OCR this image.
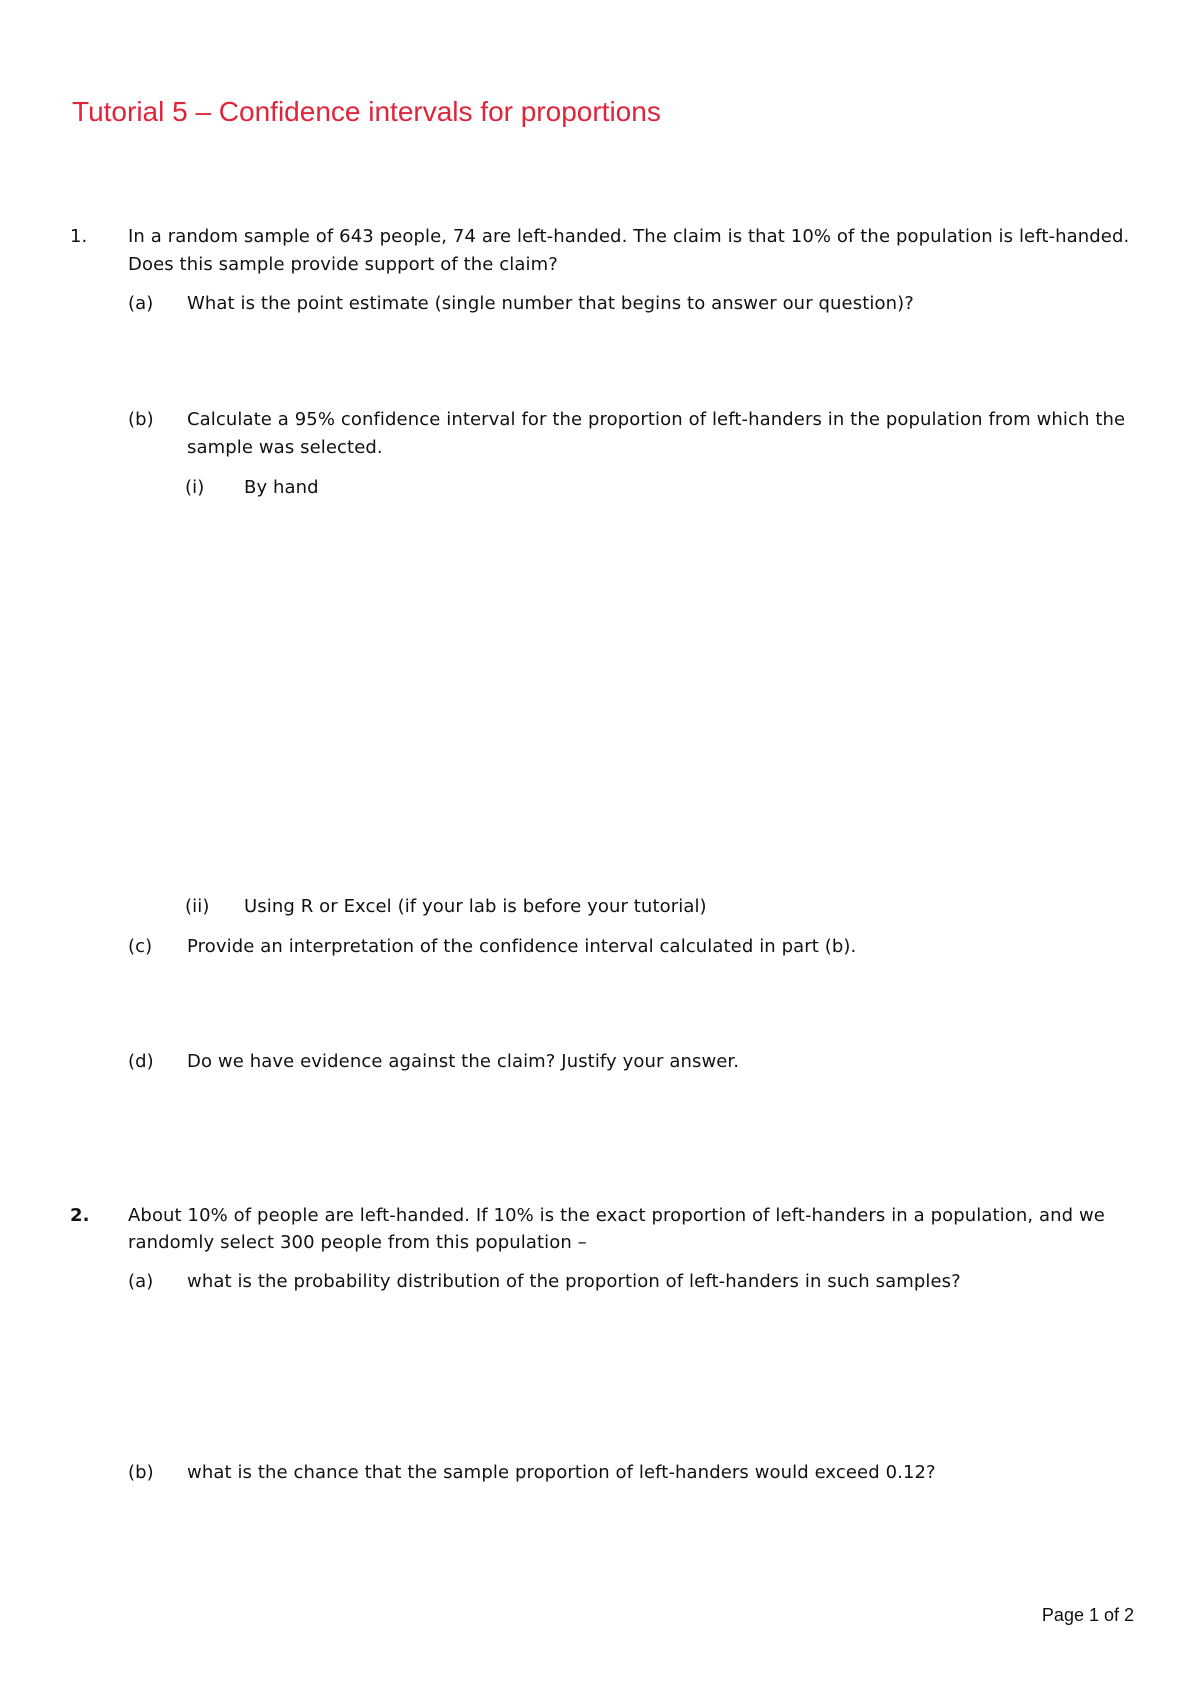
Tutorial 5 – Confidence intervals for proportions
1. In a random sample of 643 people, 74 are left-handed. The claim is that 10% of the population is left-handed.
Does this sample provide support of the claim?
(a) What is the point estimate (single number that begins to answer our question)?
(b) Calculate a 95% confidence interval for the proportion of left-handers in the population from which the
sample was selected.
(i) By hand
(ii) Using R or Excel (if your lab is before your tutorial)
(c) Provide an interpretation of the confidence interval calculated in part (b).
(d) Do we have evidence against the claim? Justify your answer.
2. About 10% of people are left-handed. If 10% is the exact proportion of left-handers in a population, and we
randomly select 300 people from this population –
(a) what is the probability distribution of the proportion of left-handers in such samples?
(b) what is the chance that the sample proportion of left-handers would exceed 0.12?
Page 1 of 2
